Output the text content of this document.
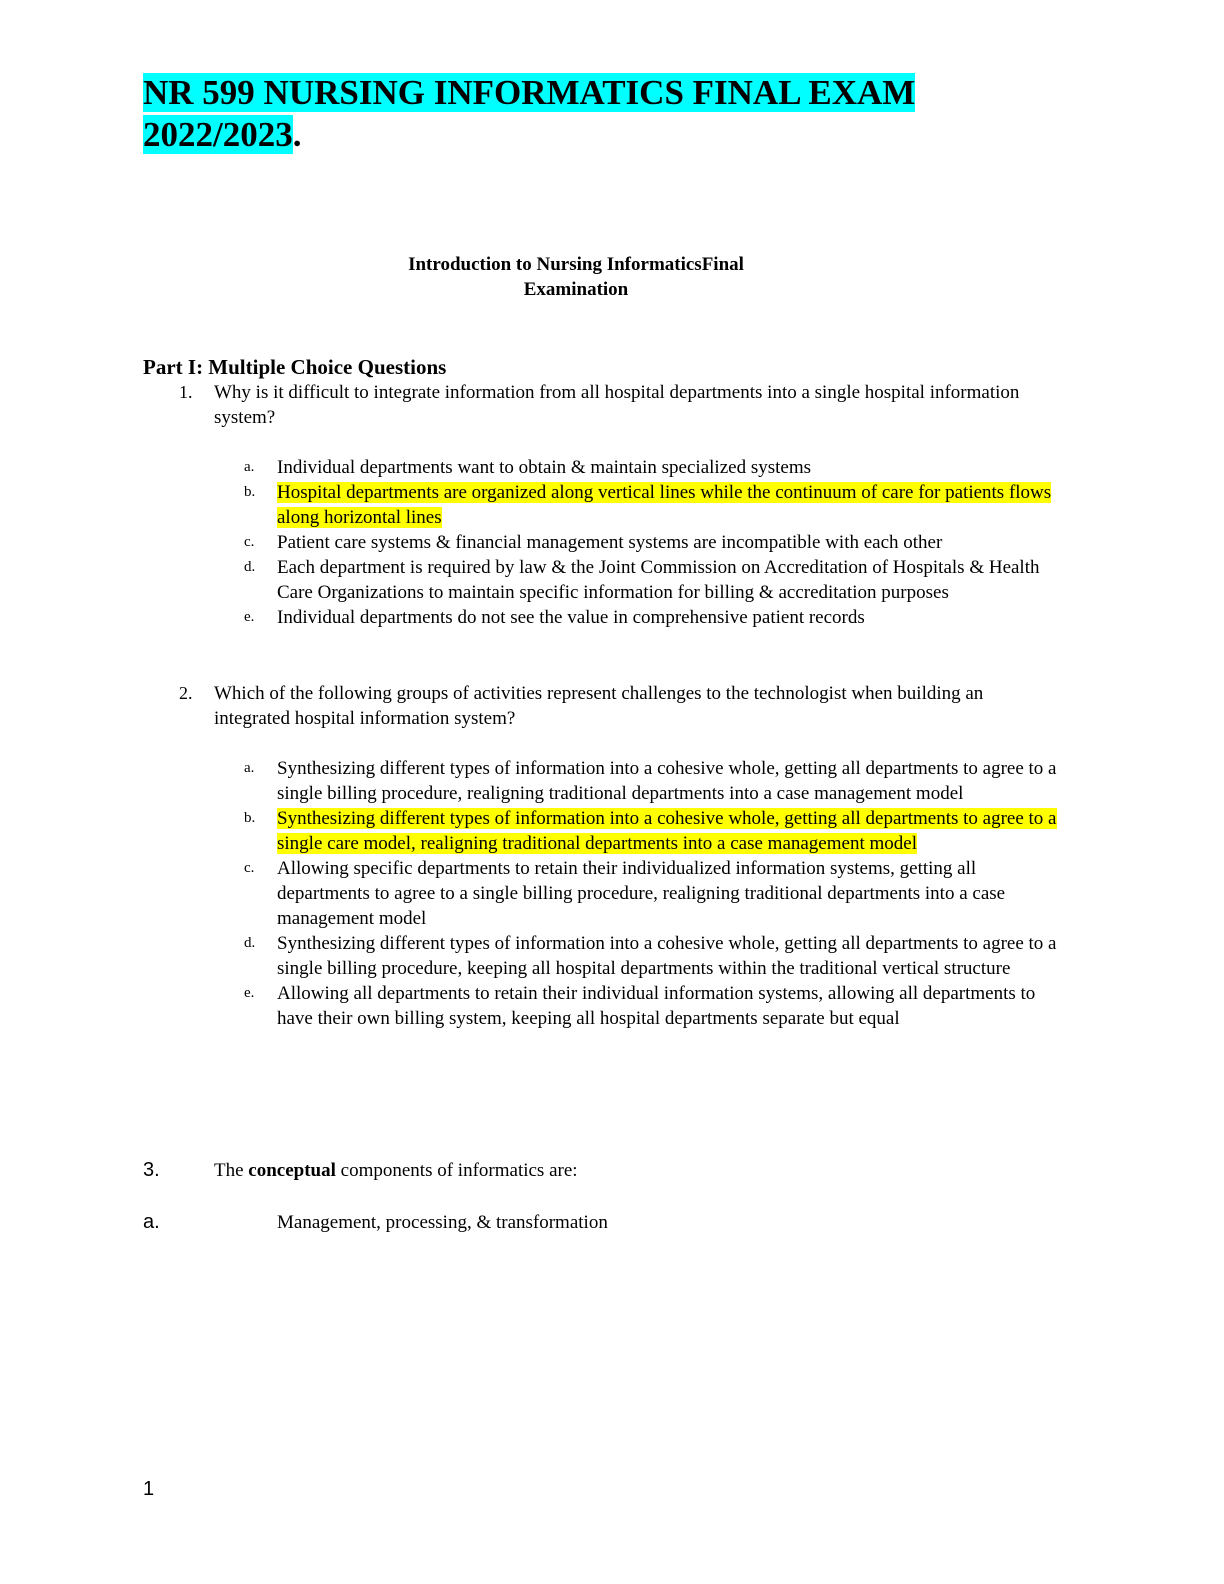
NR 599 NURSING INFORMATICS FINAL EXAM
2022/2023.
Introduction to Nursing InformaticsFinal
Examination
Part I: Multiple Choice Questions
1. Why is it difficult to integrate information from all hospital departments into a single hospital information system?
a. Individual departments want to obtain & maintain specialized systems
b. Hospital departments are organized along vertical lines while the continuum of care for patients flows along horizontal lines
c. Patient care systems & financial management systems are incompatible with each other
d. Each department is required by law & the Joint Commission on Accreditation of Hospitals & Health Care Organizations to maintain specific information for billing & accreditation purposes
e. Individual departments do not see the value in comprehensive patient records
2. Which of the following groups of activities represent challenges to the technologist when building an integrated hospital information system?
a. Synthesizing different types of information into a cohesive whole, getting all departments to agree to a single billing procedure, realigning traditional departments into a case management model
b. Synthesizing different types of information into a cohesive whole, getting all departments to agree to a single care model, realigning traditional departments into a case management model
c. Allowing specific departments to retain their individualized information systems, getting all departments to agree to a single billing procedure, realigning traditional departments into a case management model
d. Synthesizing different types of information into a cohesive whole, getting all departments to agree to a single billing procedure, keeping all hospital departments within the traditional vertical structure
e. Allowing all departments to retain their individual information systems, allowing all departments to have their own billing system, keeping all hospital departments separate but equal
3.	The conceptual components of informatics are:
a.	Management, processing, & transformation
1
